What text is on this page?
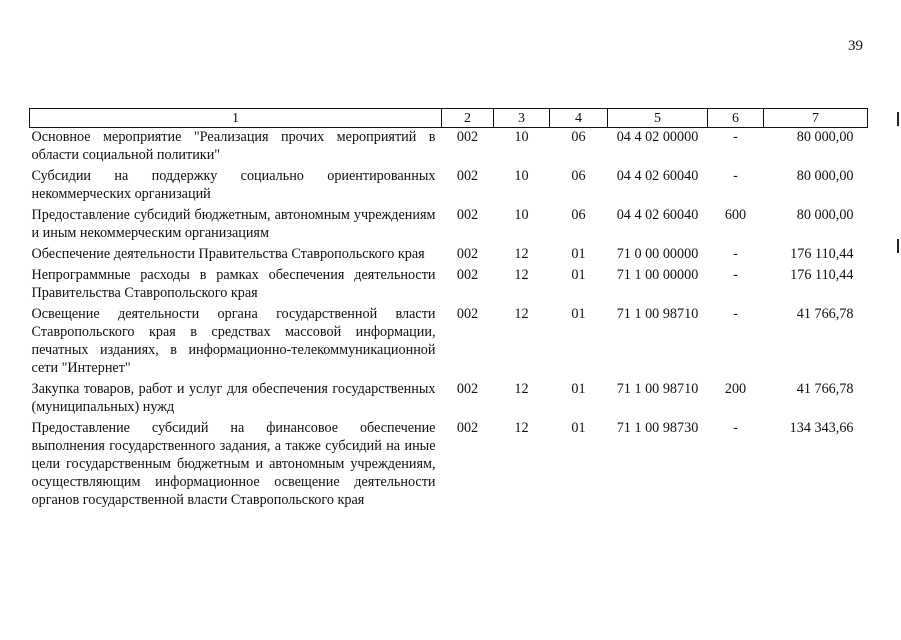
39
1	2	3	4	5	6	7
Основное мероприятие "Реализация прочих мероприятий в области социальной политики"	002	10	06	04 4 02 00000	-	80 000,00
Субсидии на поддержку социально ориентированных некоммерческих организаций	002	10	06	04 4 02 60040	-	80 000,00
Предоставление субсидий бюджетным, автономным учреждениям и иным некоммерческим организациям	002	10	06	04 4 02 60040	600	80 000,00
Обеспечение деятельности Правительства Ставропольского края	002	12	01	71 0 00 00000	-	176 110,44
Непрограммные расходы в рамках обеспечения деятельности Правительства Ставропольского края	002	12	01	71 1 00 00000	-	176 110,44
Освещение деятельности органа государственной власти Ставропольского края в средствах массовой информации, печатных изданиях, в информационно-телекоммуникационной сети "Интернет"	002	12	01	71 1 00 98710	-	41 766,78
Закупка товаров, работ и услуг для обеспечения государственных (муниципальных) нужд	002	12	01	71 1 00 98710	200	41 766,78
Предоставление субсидий на финансовое обеспечение выполнения государственного задания, а также субсидий на иные цели государственным бюджетным и автономным учреждениям, осуществляющим информационное освещение деятельности органов государственной власти Ставропольского края	002	12	01	71 1 00 98730	-	134 343,66
